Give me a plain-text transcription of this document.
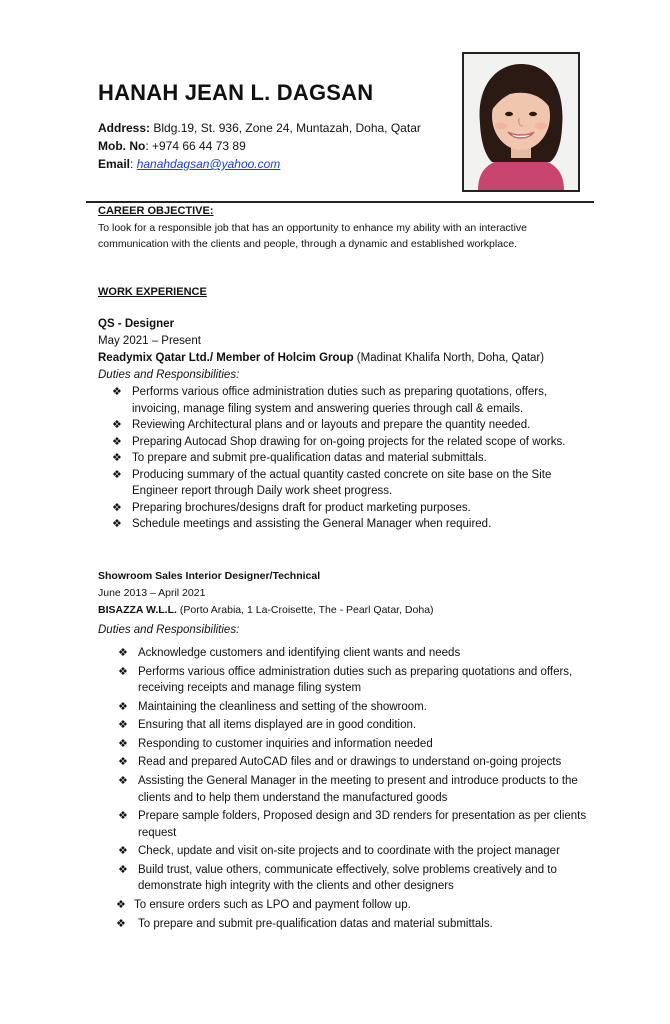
HANAH JEAN L. DAGSAN
Address: Bldg.19, St. 936, Zone 24, Muntazah, Doha, Qatar
Mob. No: +974 66 44 73 89
Email: hanahdagsan@yahoo.com
CAREER OBJECTIVE:
To look for a responsible job that has an opportunity to enhance my ability with an interactive communication with the clients and people, through a dynamic and established workplace.
WORK EXPERIENCE
QS - Designer
May 2021 – Present
Readymix Qatar Ltd./ Member of Holcim Group (Madinat Khalifa North, Doha, Qatar)
Duties and Responsibilities:
❖ Performs various office administration duties such as preparing quotations, offers, invoicing, manage filing system and answering queries through call & emails.
❖ Reviewing Architectural plans and or layouts and prepare the quantity needed.
❖ Preparing Autocad Shop drawing for on-going projects for the related scope of works.
❖ To prepare and submit pre-qualification datas and material submittals.
❖ Producing summary of the actual quantity casted concrete on site base on the Site Engineer report through Daily work sheet progress.
❖ Preparing brochures/designs draft for product marketing purposes.
❖ Schedule meetings and assisting the General Manager when required.
Showroom Sales Interior Designer/Technical
June 2013 – April 2021
BISAZZA W.L.L. (Porto Arabia, 1 La-Croisette, The - Pearl Qatar, Doha)
Duties and Responsibilities:
❖ Acknowledge customers and identifying client wants and needs
❖ Performs various office administration duties such as preparing quotations and offers, receiving receipts and manage filing system
❖ Maintaining the cleanliness and setting of the showroom.
❖ Ensuring that all items displayed are in good condition.
❖ Responding to customer inquiries and information needed
❖ Read and prepared AutoCAD files and or drawings to understand on-going projects
❖ Assisting the General Manager in the meeting to present and introduce products to the clients and to help them understand the manufactured goods
❖ Prepare sample folders, Proposed design and 3D renders for presentation as per clients request
❖ Check, update and visit on-site projects and to coordinate with the project manager
❖ Build trust, value others, communicate effectively, solve problems creatively and to demonstrate high integrity with the clients and other designers
❖ To ensure orders such as LPO and payment follow up.
❖ To prepare and submit pre-qualification datas and material submittals.
